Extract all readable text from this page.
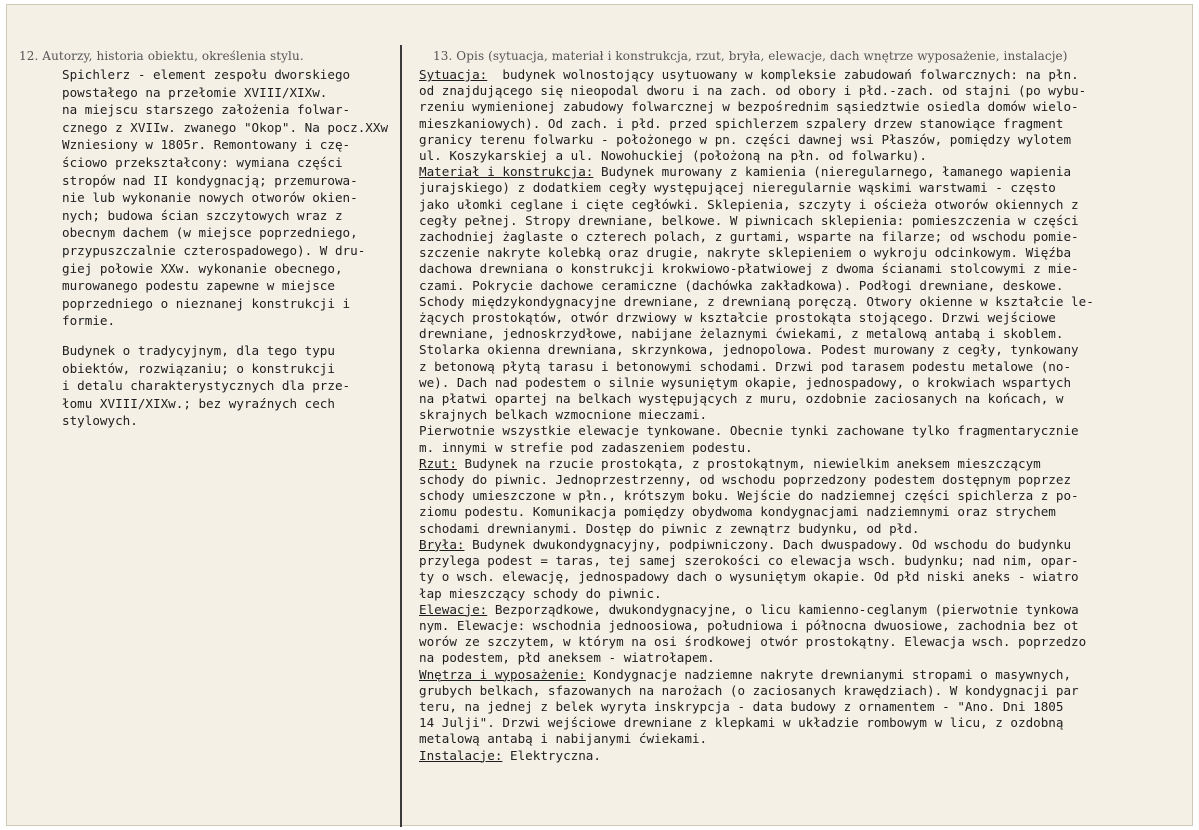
12. Autorzy, historia obiektu, określenia stylu.	13. Opis (sytuacja, materiał i konstrukcja, rzut, bryła, elewacje, dach wnętrze wyposażenie, instalacje)
Spichlerz - element zespołu dworskiego
powstałego na przełomie XVIII/XIXw.
na miejscu starszego założenia folwar-
cznego z XVIIw. zwanego "Okop". Na pocz.XXw
Wzniesiony w 1805r. Remontowany i czę-
ściowo przekształcony: wymiana części
stropów nad II kondygnacją; przemurowa-
nie lub wykonanie nowych otworów okien-
nych; budowa ścian szczytowych wraz z
obecnym dachem (w miejsce poprzedniego,
przypuszczalnie czterospadowego). W dru-
giej połowie XXw. wykonanie obecnego,
murowanego podestu zapewne w miejsce
poprzedniego o nieznanej konstrukcji i
formie.
Budynek o tradycyjnym, dla tego typu
obiektów, rozwiązaniu; o konstrukcji
i detalu charakterystycznych dla prze-
łomu XVIII/XIXw.; bez wyraźnych cech
stylowych.
Sytuacja:  budynek wolnostojący usytuowany w kompleksie zabudowań folwarcznych: na płn.
od znajdującego się nieopodal dworu i na zach. od obory i płd.-zach. od stajni (po wybu-
rzeniu wymienionej zabudowy folwarcznej w bezpośrednim sąsiedztwie osiedla domów wielo-
mieszkaniowych). Od zach. i płd. przed spichlerzem szpalery drzew stanowiące fragment
granicy terenu folwarku - położonego w pn. części dawnej wsi Płaszów, pomiędzy wylotem
ul. Koszykarskiej a ul. Nowohuckiej (położoną na płn. od folwarku).
Materiał i konstrukcja: Budynek murowany z kamienia (nieregularnego, łamanego wapienia
jurajskiego) z dodatkiem cegły występującej nieregularnie wąskimi warstwami - często
jako ułomki ceglane i cięte cegłówki. Sklepienia, szczyty i ościeża otworów okiennych z
cegły pełnej. Stropy drewniane, belkowe. W piwnicach sklepienia: pomieszczenia w części
zachodniej żaglaste o czterech polach, z gurtami, wsparte na filarze; od wschodu pomie-
szczenie nakryte kolebką oraz drugie, nakryte sklepieniem o wykroju odcinkowym. Więźba
dachowa drewniana o konstrukcji krokwiowo-płatwiowej z dwoma ścianami stolcowymi z mie-
czami. Pokrycie dachowe ceramiczne (dachówka zakładkowa). Podłogi drewniane, deskowe.
Schody międzykondygnacyjne drewniane, z drewnianą poręczą. Otwory okienne w kształcie le-
żących prostokątów, otwór drzwiowy w kształcie prostokąta stojącego. Drzwi wejściowe
drewniane, jednoskrzydłowe, nabijane żelaznymi ćwiekami, z metalową antabą i skoblem.
Stolarka okienna drewniana, skrzynkowa, jednopolowa. Podest murowany z cegły, tynkowany
z betonową płytą tarasu i betonowymi schodami. Drzwi pod tarasem podestu metalowe (no-
we). Dach nad podestem o silnie wysuniętym okapie, jednospadowy, o krokwiach wspartych
na płatwi opartej na belkach występujących z muru, ozdobnie zaciosanych na końcach, w
skrajnych belkach wzmocnione mieczami.
Pierwotnie wszystkie elewacje tynkowane. Obecnie tynki zachowane tylko fragmentarycznie
m. innymi w strefie pod zadaszeniem podestu.
Rzut: Budynek na rzucie prostokąta, z prostokątnym, niewielkim aneksem mieszczącym
schody do piwnic. Jednoprzestrzenny, od wschodu poprzedzony podestem dostępnym poprzez
schody umieszczone w płn., krótszym boku. Wejście do nadziemnej części spichlerza z po-
ziomu podestu. Komunikacja pomiędzy obydwoma kondygnacjami nadziemnymi oraz strychem
schodami drewnianymi. Dostęp do piwnic z zewnątrz budynku, od płd.
Bryła: Budynek dwukondygnacyjny, podpiwniczony. Dach dwuspadowy. Od wschodu do budynku
przylega podest = taras, tej samej szerokości co elewacja wsch. budynku; nad nim, opar-
ty o wsch. elewację, jednospadowy dach o wysuniętym okapie. Od płd niski aneks - wiatro
łap mieszczący schody do piwnic.
Elewacje: Bezporządkowe, dwukondygnacyjne, o licu kamienno-ceglanym (pierwotnie tynkowa
nym. Elewacje: wschodnia jednoosiowa, południowa i północna dwuosiowe, zachodnia bez ot
worów ze szczytem, w którym na osi środkowej otwór prostokątny. Elewacja wsch. poprzedzo
na podestem, płd aneksem - wiatrołapem.
Wnętrza i wyposażenie: Kondygnacje nadziemne nakryte drewnianymi stropami o masywnych,
grubych belkach, sfazowanych na narożach (o zaciosanych krawędziach). W kondygnacji par
teru, na jednej z belek wyryta inskrypcja - data budowy z ornamentem - "Ano. Dni 1805
14 Julji". Drzwi wejściowe drewniane z klepkami w układzie rombowym w licu, z ozdobną
metalową antabą i nabijanymi ćwiekami.
Instalacje: Elektryczna.
